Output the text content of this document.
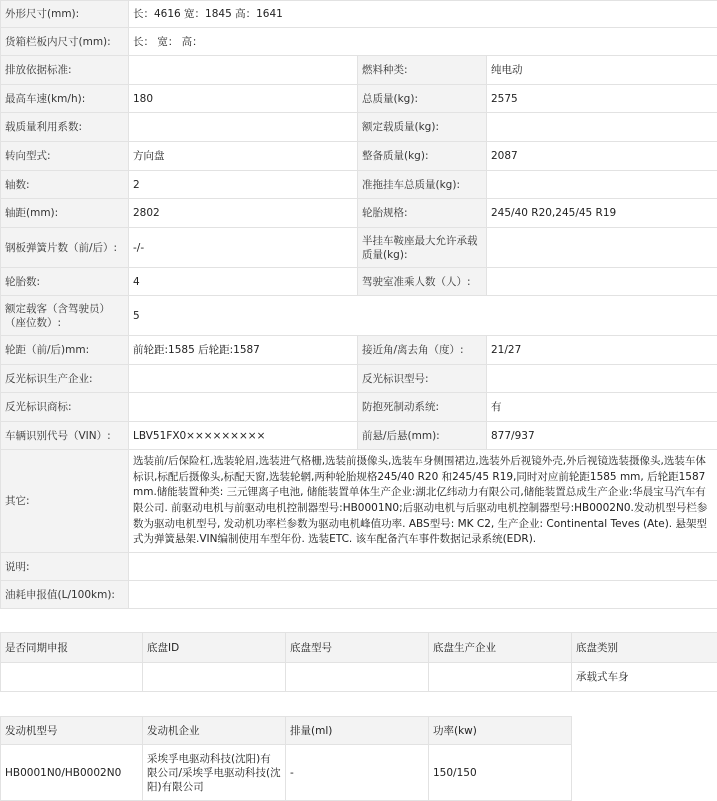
外形尺寸(mm):	长：4616 宽：1845 高：1641		
货箱栏板内尺寸(mm):	长： 宽： 高：		
排放依据标准:		燃料种类:	纯电动
最高车速(km/h):	180	总质量(kg):	2575
载质量利用系数:		额定载质量(kg):	
转向型式:	方向盘	整备质量(kg):	2087
轴数:	2	准拖挂车总质量(kg):	
轴距(mm):	2802	轮胎规格:	245/40 R20,245/45 R19
钢板弹簧片数（前/后）:	-/-	半挂车鞍座最大允许承载质量(kg):	
轮胎数:	4	驾驶室准乘人数（人）:	
额定载客（含驾驶员）（座位数）:	5		
轮距（前/后)mm:	前轮距:1585 后轮距:1587	接近角/离去角（度）:	21/27
反光标识生产企业:		反光标识型号:	
反光标识商标:		防抱死制动系统:	有
车辆识别代号（VIN）:	LBV51FX0×××××××××	前悬/后悬(mm):	877/937
其它:	选装前/后保险杠,选装轮眉,选装进气格栅,选装前摄像头,选装车身侧围裙边,选装外后视镜外壳,外后视镜选装摄像头,选装车体标识,标配后摄像头,标配天窗,选装轮辋,两种轮胎规格245/40 R20 和245/45 R19,同时对应前轮距1585 mm, 后轮距1587 mm.储能装置种类: 三元锂离子电池, 储能装置单体生产企业:湖北亿纬动力有限公司,储能装置总成生产企业:华晨宝马汽车有限公司. 前驱动电机与前驱动电机控制器型号:HB0001N0;后驱动电机与后驱动电机控制器型号:HB0002N0.发动机型号栏参数为驱动电机型号, 发动机功率栏参数为驱动电机峰值功率. ABS型号: MK C2, 生产企业: Continental Teves (Ate). 悬架型式为弹簧悬架.VIN编制使用车型年份. 选装ETC. 该车配备汽车事件数据记录系统(EDR).		
说明:			
油耗申报值(L/100km):			
是否同期申报	底盘ID	底盘型号	底盘生产企业	底盘类别
				承载式车身
发动机型号	发动机企业	排量(ml)	功率(kw)	
HB0001N0/HB0002N0	采埃孚电驱动科技(沈阳)有限公司/采埃孚电驱动科技(沈阳)有限公司	-	150/150	
